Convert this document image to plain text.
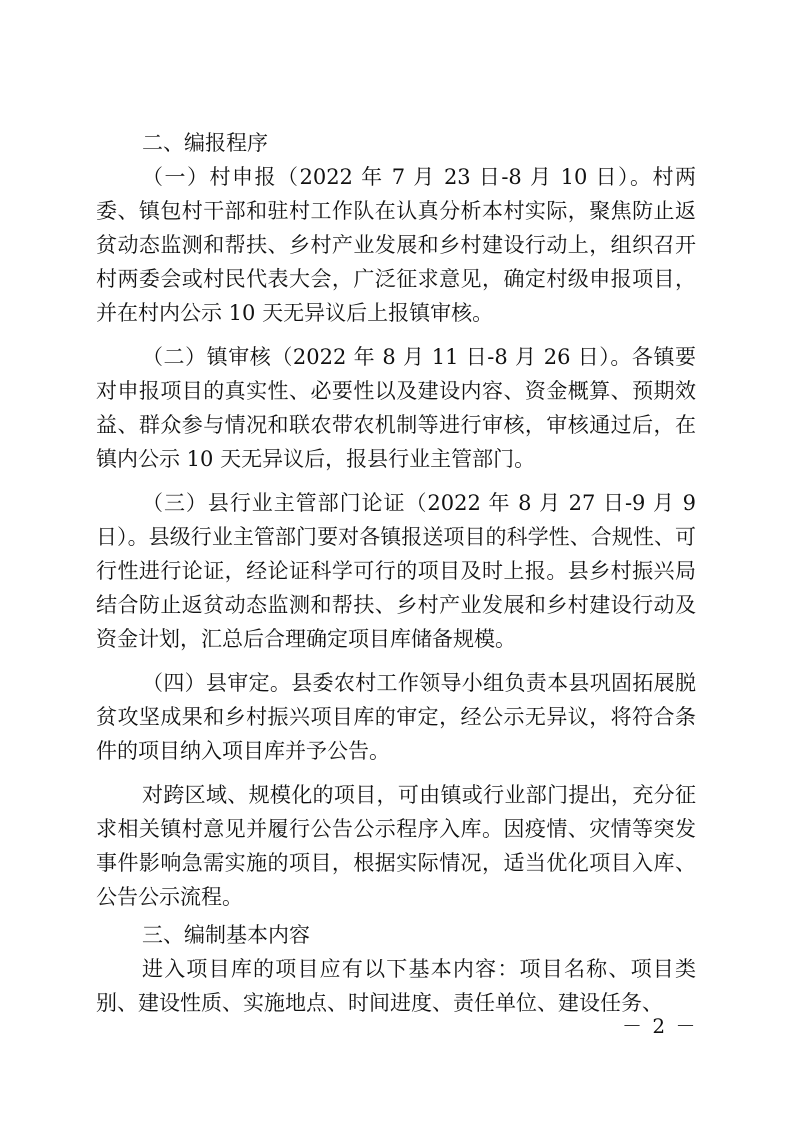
二、编报程序

（一）村申报（2022 年 7 月 23 日-8 月 10 日）。村两委、镇包村干部和驻村工作队在认真分析本村实际，聚焦防止返贫动态监测和帮扶、乡村产业发展和乡村建设行动上，组织召开村两委会或村民代表大会，广泛征求意见，确定村级申报项目，并在村内公示 10 天无异议后上报镇审核。

（二）镇审核（2022 年 8 月 11 日-8 月 26 日）。各镇要对申报项目的真实性、必要性以及建设内容、资金概算、预期效益、群众参与情况和联农带农机制等进行审核，审核通过后，在镇内公示 10 天无异议后，报县行业主管部门。

（三）县行业主管部门论证（2022 年 8 月 27 日-9 月 9 日）。县级行业主管部门要对各镇报送项目的科学性、合规性、可行性进行论证，经论证科学可行的项目及时上报。县乡村振兴局结合防止返贫动态监测和帮扶、乡村产业发展和乡村建设行动及资金计划，汇总后合理确定项目库储备规模。

（四）县审定。县委农村工作领导小组负责本县巩固拓展脱贫攻坚成果和乡村振兴项目库的审定，经公示无异议，将符合条件的项目纳入项目库并予公告。

对跨区域、规模化的项目，可由镇或行业部门提出，充分征求相关镇村意见并履行公告公示程序入库。因疫情、灾情等突发事件影响急需实施的项目，根据实际情况，适当优化项目入库、公告公示流程。

三、编制基本内容

进入项目库的项目应有以下基本内容：项目名称、项目类别、建设性质、实施地点、时间进度、责任单位、建设任务、

－ 2 －
